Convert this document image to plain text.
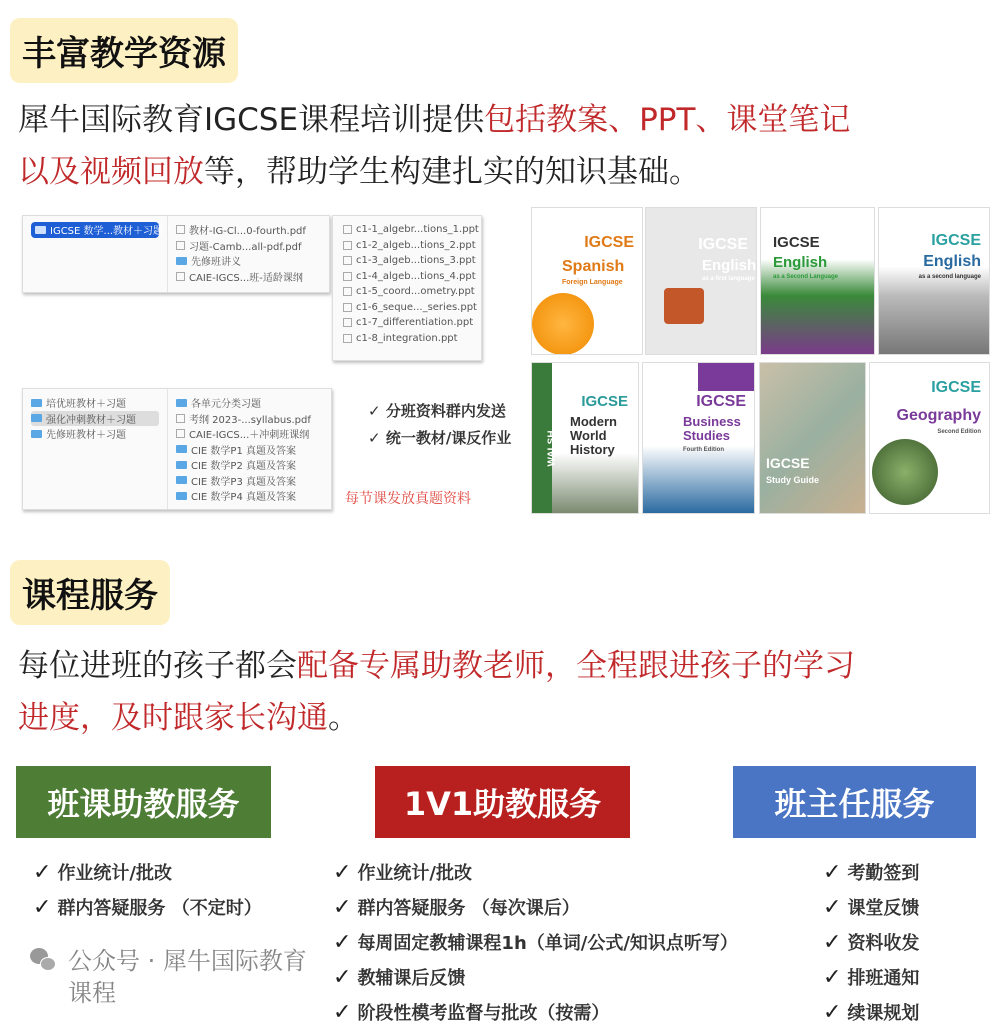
丰富教学资源
犀牛国际教育IGCSE课程培训提供包括教案、PPT、课堂笔记
以及视频回放等，帮助学生构建扎实的知识基础。
IGCSE 数学...教材＋习题 › 教材-IG-Cl...0-fourth.pdf
习题-Camb...all-pdf.pdf
先修班讲义
CAIE-IGCS...班-适龄课纲
c1-1_algebr...tions_1.ppt
c1-2_algeb...tions_2.ppt
c1-3_algeb...tions_3.ppt
c1-4_algeb...tions_4.ppt
c1-5_coord...ometry.ppt
c1-6_seque..._series.ppt
c1-7_differentiation.ppt
c1-8_integration.ppt
培优班教材＋习题
强化冲刺教材＋习题
先修班教材＋习题
各单元分类习题
考纲 2023-...syllabus.pdf
CAIE-IGCS...＋冲刺班课纲
CIE 数学P1 真题及答案
CIE 数学P2 真题及答案
CIE 数学P3 真题及答案
CIE 数学P4 真题及答案
✓ 分班资料群内发送
✓ 统一教材/课反作业
每节课发放真题资料
IGCSE
Spanish
Foreign Language
IGCSE
English
as a first language
IGCSE
English
as a Second Language
IGCSE
English
as a second language
IGCSE
Modern World History
WALSH
IGCSE
Business Studies
Fourth Edition
IGCSE
Study Guide
IGCSE
Geography
Second Edition
课程服务
每位进班的孩子都会配备专属助教老师，全程跟进孩子的学习
进度，及时跟家长沟通。
班课助教服务	1V1助教服务	班主任服务
✓ 作业统计/批改
✓ 群内答疑服务 （不定时）
✓ 作业统计/批改
✓ 群内答疑服务 （每次课后）
✓ 每周固定教辅课程1h（单词/公式/知识点听写）
✓ 教辅课后反馈
✓ 阶段性模考监督与批改（按需）
✓ 考勤签到
✓ 课堂反馈
✓ 资料收发
✓ 排班通知
✓ 续课规划
公众号 · 犀牛国际教育课程
